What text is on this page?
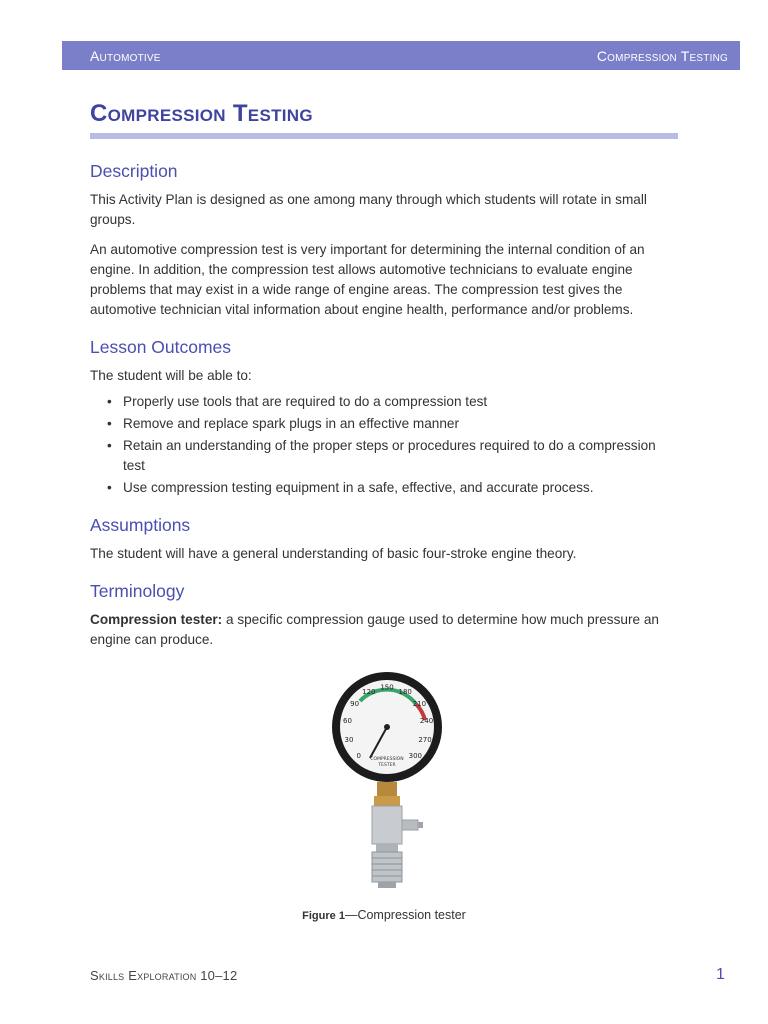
Automotive	Compression Testing
Compression Testing
Description

This Activity Plan is designed as one among many through which students will rotate in small groups.

An automotive compression test is very important for determining the internal condition of an engine. In addition, the compression test allows automotive technicians to evaluate engine problems that may exist in a wide range of engine areas. The compression test gives the automotive technician vital information about engine health, performance and/or problems.

Lesson Outcomes

The student will be able to:

• Properly use tools that are required to do a compression test
• Remove and replace spark plugs in an effective manner
• Retain an understanding of the proper steps or procedures required to do a compression test
• Use compression testing equipment in a safe, effective, and accurate process.
Assumptions

The student will have a general understanding of basic four-stroke engine theory.

Terminology

Compression tester: a specific compression gauge used to determine how much pressure an engine can produce.

0
30
60
90
120
150
180
210
240
270
300
COMPRESSION
TESTER
Figure 1—Compression tester
Skills Exploration 10–12	1
